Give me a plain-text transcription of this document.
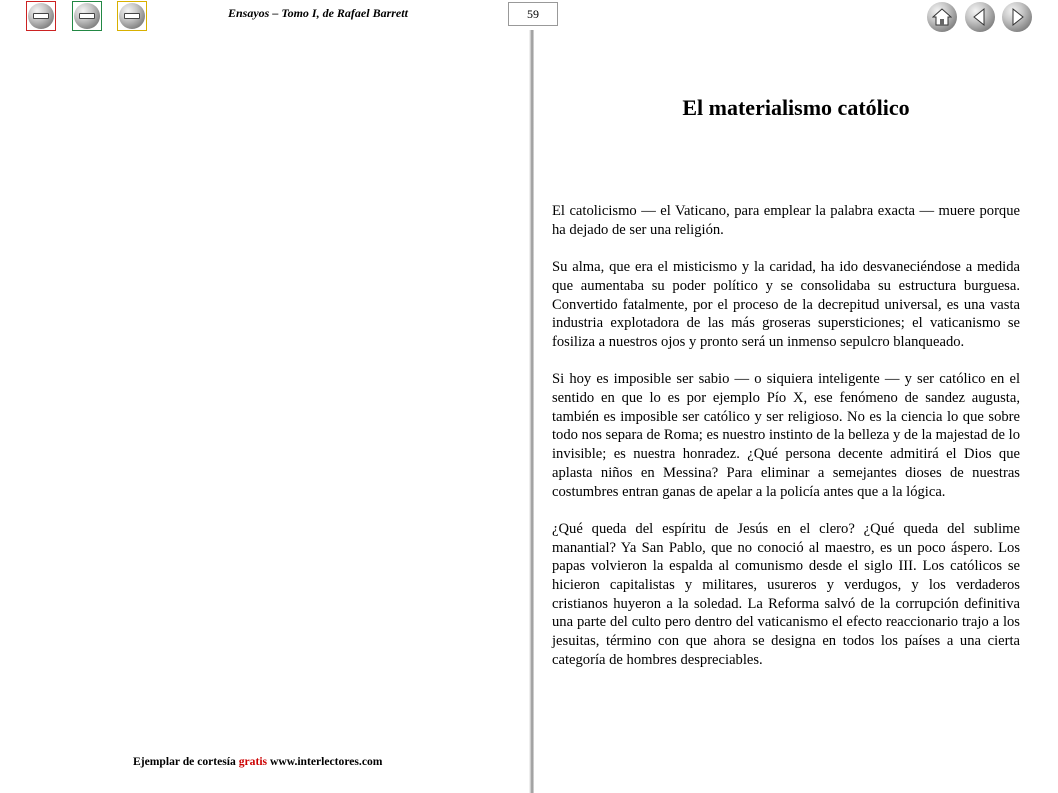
Ensayos – Tomo I, de Rafael Barrett	59
El materialismo católico

El catolicismo — el Vaticano, para emplear la palabra exacta — muere porque ha dejado de ser una religión.

Su alma, que era el misticismo y la caridad, ha ido desvaneciéndose a medida que aumentaba su poder político y se consolidaba su estructura burguesa. Convertido fatalmente, por el proceso de la decrepitud universal, es una vasta industria explotadora de las más groseras supersticiones; el vaticanismo se fosiliza a nuestros ojos y pronto será un inmenso sepulcro blanqueado.

Si hoy es imposible ser sabio — o siquiera inteligente — y ser católico en el sentido en que lo es por ejemplo Pío X, ese fenómeno de sandez augusta, también es imposible ser católico y ser religioso. No es la ciencia lo que sobre todo nos separa de Roma; es nuestro instinto de la belleza y de la majestad de lo invisible; es nuestra honradez. ¿Qué persona decente admitirá el Dios que aplasta niños en Messina? Para eliminar a semejantes dioses de nuestras costumbres entran ganas de apelar a la policía antes que a la lógica.

¿Qué queda del espíritu de Jesús en el clero? ¿Qué queda del sublime manantial? Ya San Pablo, que no conoció al maestro, es un poco áspero. Los papas volvieron la espalda al comunismo desde el siglo III. Los católicos se hicieron capitalistas y militares, usureros y verdugos, y los verdaderos cristianos huyeron a la soledad. La Reforma salvó de la corrupción definitiva una parte del culto pero dentro del vaticanismo el efecto reaccionario trajo a los jesuitas, término con que ahora se designa en todos los países a una cierta categoría de hombres despreciables.

Ejemplar de cortesía gratis www.interlectores.com
